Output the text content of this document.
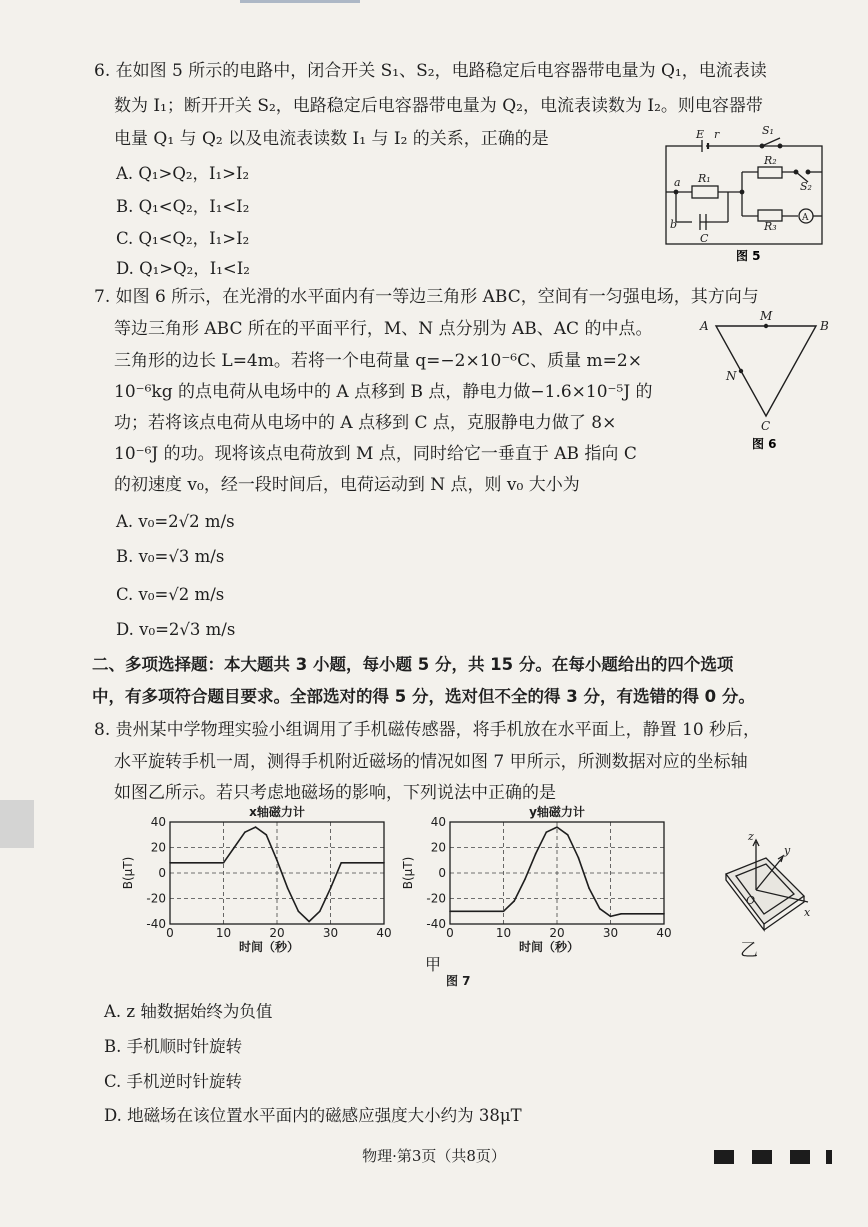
6. 在如图 5 所示的电路中，闭合开关 S₁、S₂，电路稳定后电容器带电量为 Q₁，电流表读
数为 I₁；断开开关 S₂，电路稳定后电容器带电量为 Q₂，电流表读数为 I₂。则电容器带
电量 Q₁ 与 Q₂ 以及电流表读数 I₁ 与 I₂ 的关系，正确的是
A. Q₁>Q₂，I₁>I₂
B. Q₁<Q₂，I₁<I₂
C. Q₁<Q₂，I₁>I₂
D. Q₁>Q₂，I₁<I₂
E r	S₁
R₂
S₂
a R₁
b
C
R₃
A
图 5
7. 如图 6 所示，在光滑的水平面内有一等边三角形 ABC，空间有一匀强电场，其方向与
等边三角形 ABC 所在的平面平行，M、N 点分别为 AB、AC 的中点。
三角形的边长 L=4m。若将一个电荷量 q=−2×10⁻⁶C、质量 m=2×
10⁻⁶kg 的点电荷从电场中的 A 点移到 B 点，静电力做−1.6×10⁻⁵J 的
功；若将该点电荷从电场中的 A 点移到 C 点，克服静电力做了 8×
10⁻⁶J 的功。现将该点电荷放到 M 点，同时给它一垂直于 AB 指向 C
的初速度 v₀，经一段时间后，电荷运动到 N 点，则 v₀ 大小为
A. v₀=2√2 m/s
B. v₀=√3 m/s
C. v₀=√2 m/s
D. v₀=2√3 m/s
A
M
B
N
C
图 6
二、多项选择题：本大题共 3 小题，每小题 5 分，共 15 分。在每小题给出的四个选项
中，有多项符合题目要求。全部选对的得 5 分，选对但不全的得 3 分，有选错的得 0 分。
8. 贵州某中学物理实验小组调用了手机磁传感器，将手机放在水平面上，静置 10 秒后，
水平旋转手机一周，测得手机附近磁场的情况如图 7 甲所示，所测数据对应的坐标轴
如图乙所示。若只考虑地磁场的影响，下列说法中正确的是
x轴磁力计
0	10	20	30	40
-40
-20
0
20
40
时间（秒）
B(μT)
y轴磁力计
0	10	20	30	40
-40
-20
0
20
40
时间（秒）
B(μT)
甲
图 7
z
y
O
x
乙
A. z 轴数据始终为负值
B. 手机顺时针旋转
C. 手机逆时针旋转
D. 地磁场在该位置水平面内的磁感应强度大小约为 38μT
物理·第3页（共8页）
